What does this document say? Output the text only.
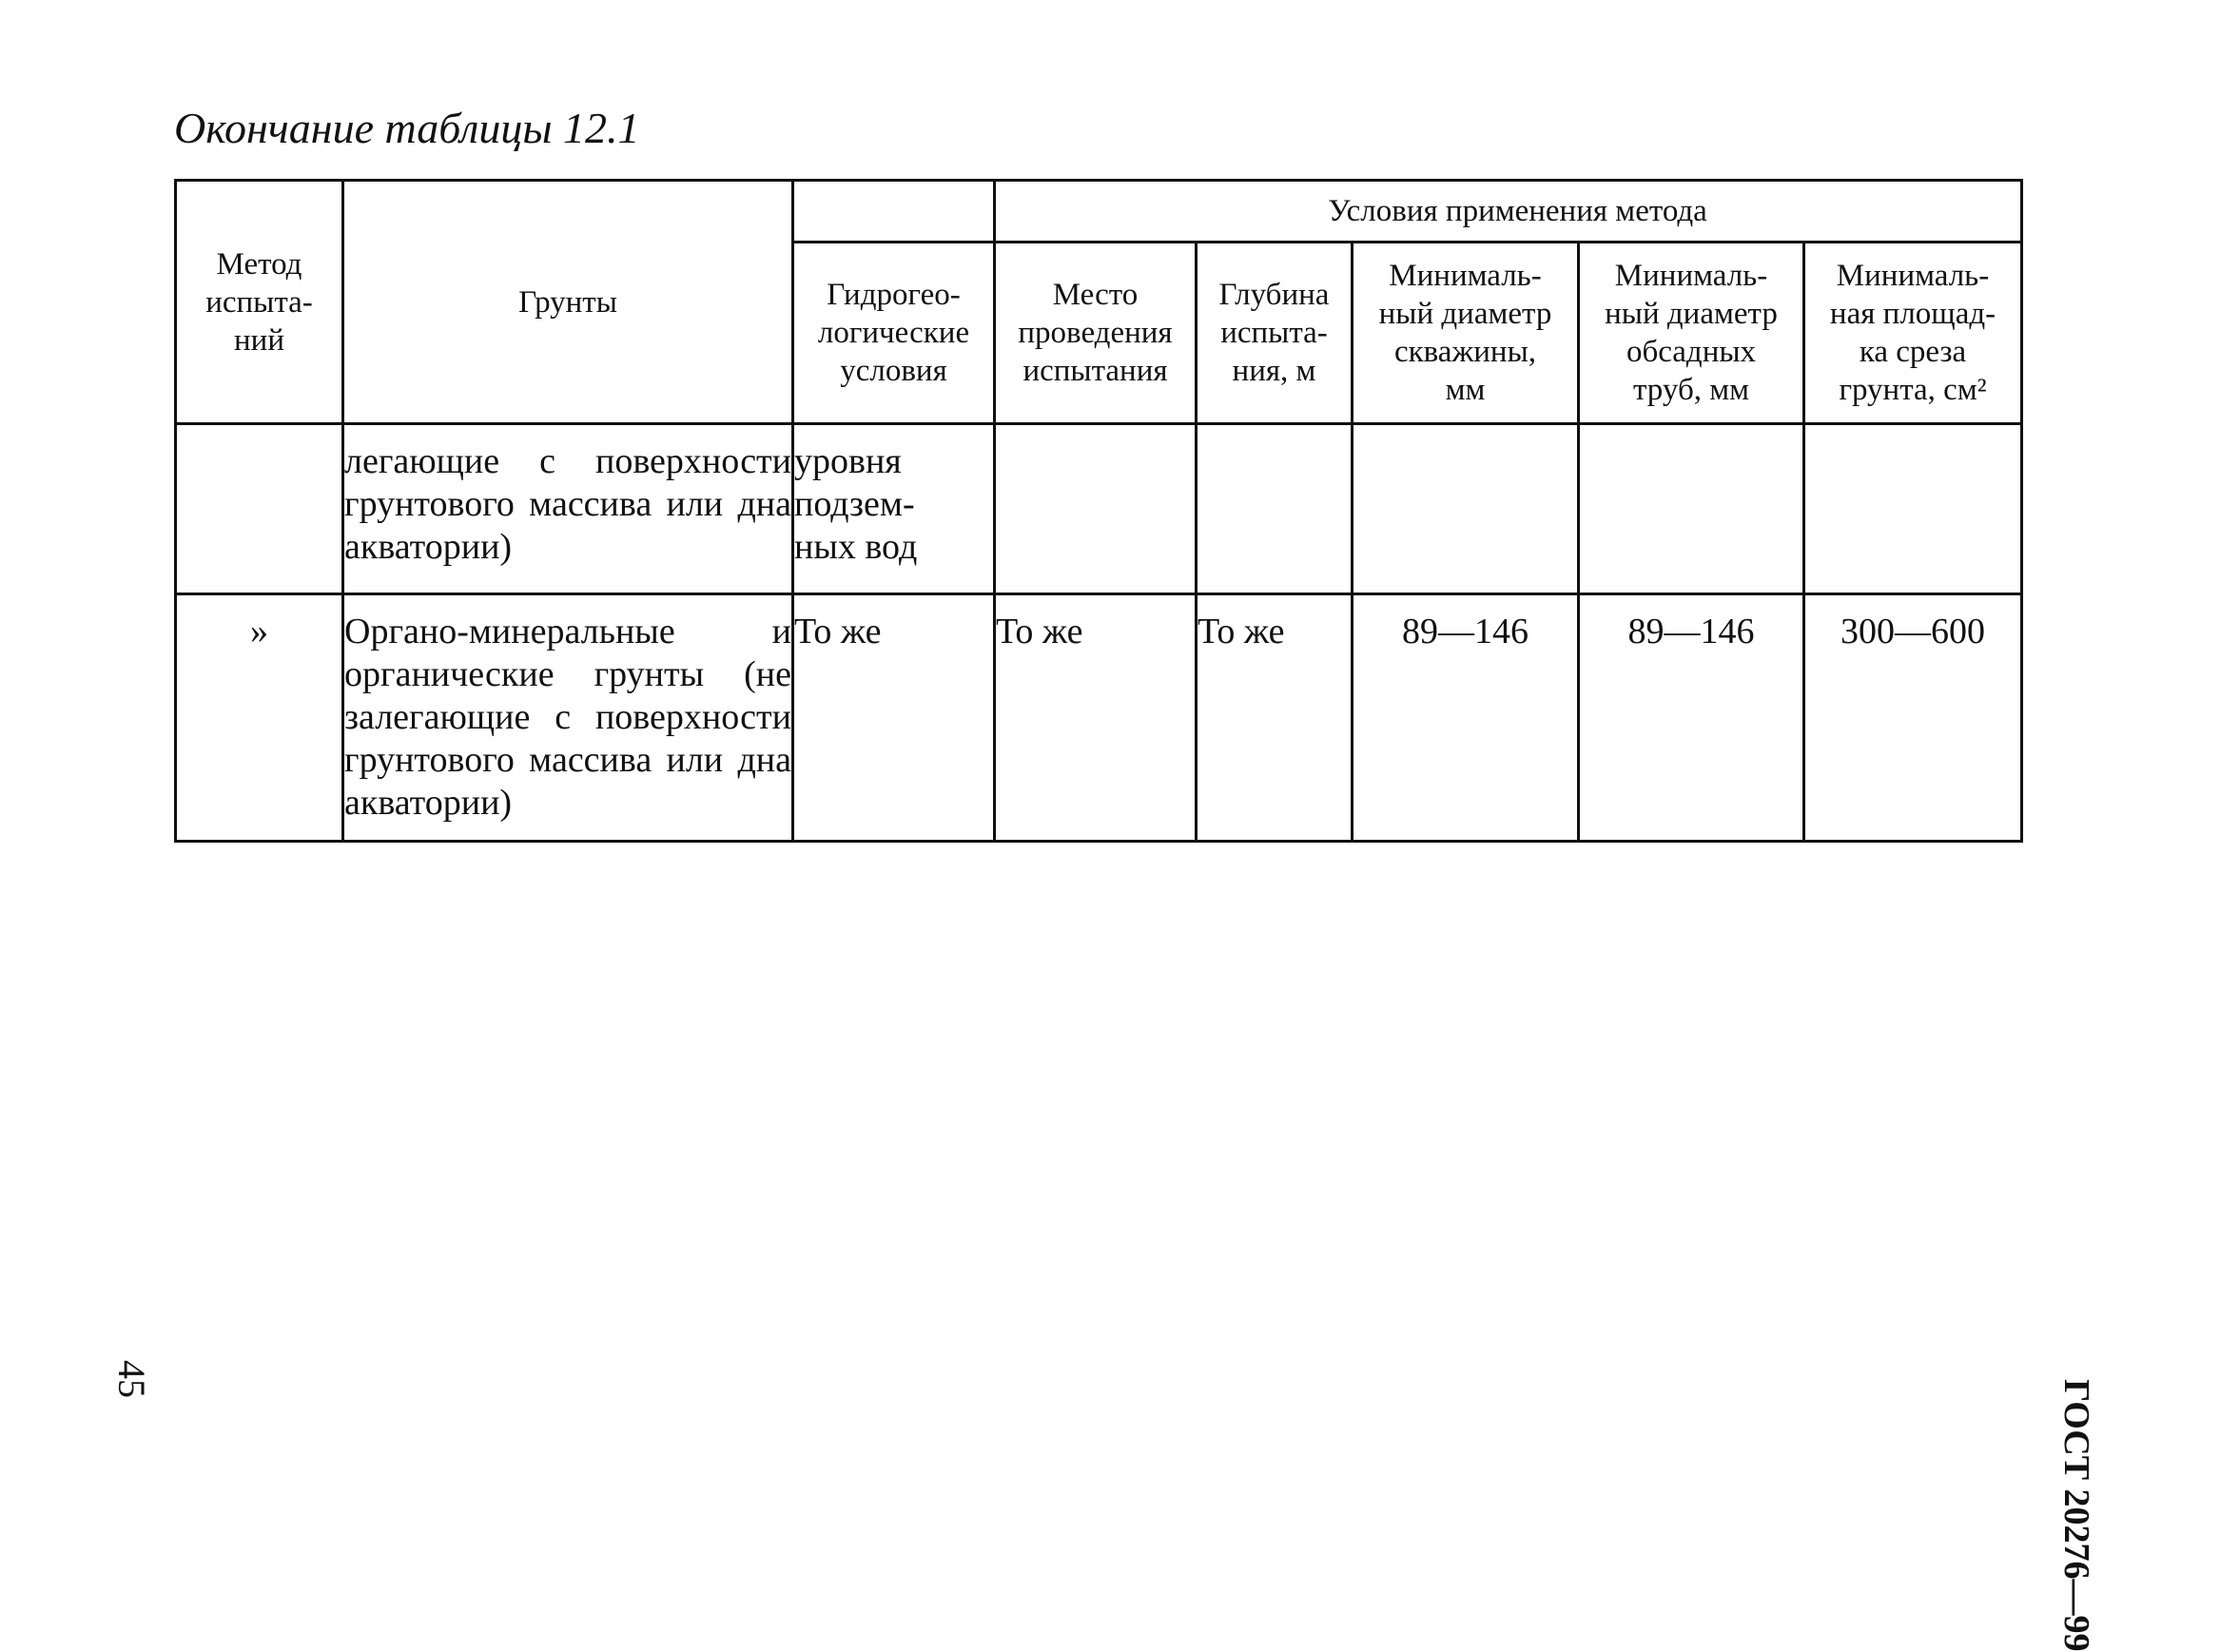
Окончание таблицы 12.1
Метод
испыта-
ний	Грунты		Условия применения метода				

		Гидрогео-
логические
условия	Место
проведения
испытания	Глубина
испыта-
ния, м	Минималь-
ный диаметр
скважины,
мм	Минималь-
ный диаметр
обсадных
труб, мм	Минималь-
ная площад-
ка среза
грунта, см²

	легающие с поверхности грунтового массива или дна акватории)	уровня
подзем-
ных вод					

»	Органо-минеральные и органические грунты (не залегающие с поверхности грунтового массива или дна акватории)	То же	То же	То же	89—146	89—146	300—600
ГОСТ 20276—99
45
